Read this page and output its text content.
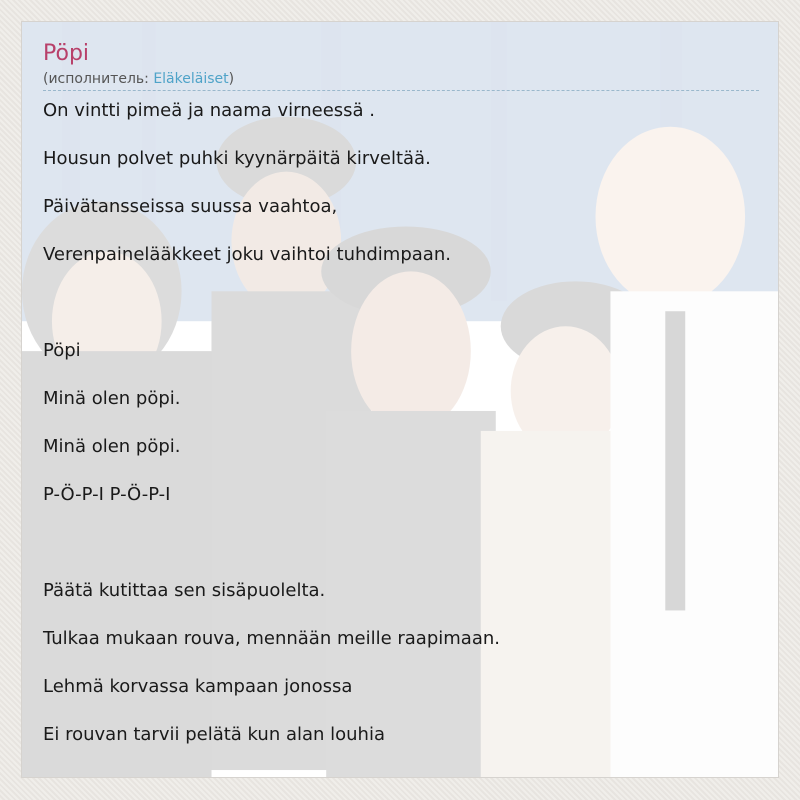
Pöpi
(исполнитель: Eläkeläiset)
On vintti pimeä ja naama virneessä .
Housun polvet puhki kyynärpäitä kirveltää.
Päivätansseissa suussa vaahtoa,
Verenpainelääkkeet joku vaihtoi tuhdimpaan.
Pöpi
Minä olen pöpi.
Minä olen pöpi.
P-Ö-P-I P-Ö-P-I
Päätä kutittaa sen sisäpuolelta.
Tulkaa mukaan rouva, mennään meille raapimaan.
Lehmä korvassa kampaan jonossa
Ei rouvan tarvii pelätä kun alan louhia
